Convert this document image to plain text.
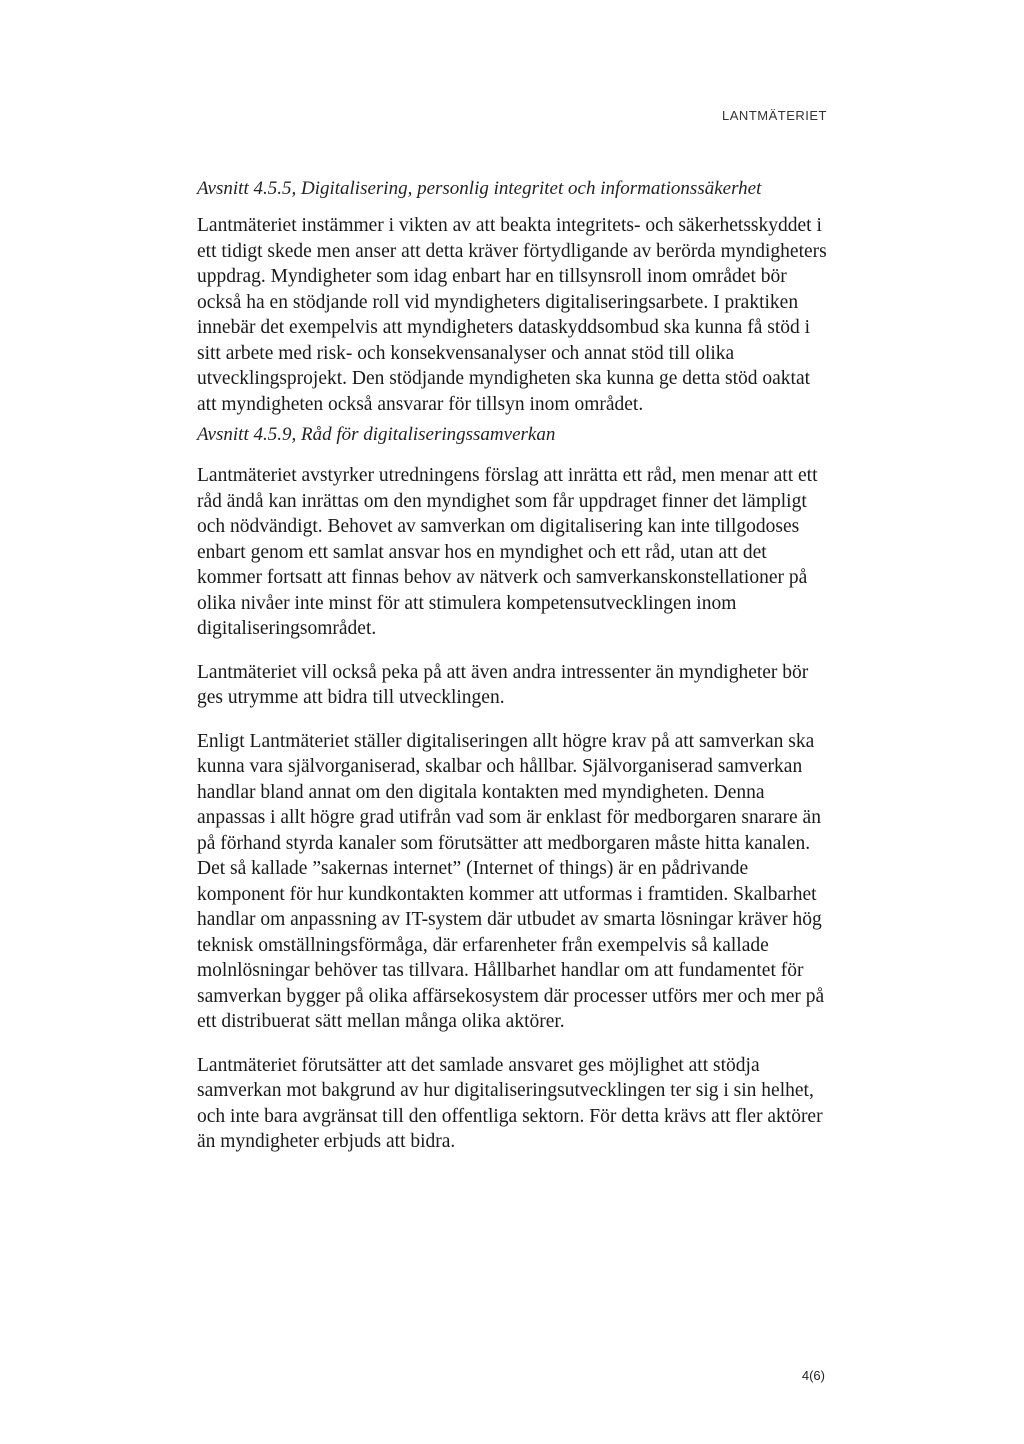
LANTMÄTERIET

Avsnitt 4.5.5, Digitalisering, personlig integritet och informationssäkerhet

Lantmäteriet instämmer i vikten av att beakta integritets- och säkerhetsskyddet i ett tidigt skede men anser att detta kräver förtydligande av berörda myndigheters uppdrag. Myndigheter som idag enbart har en tillsynsroll inom området bör också ha en stödjande roll vid myndigheters digitaliseringsarbete. I praktiken innebär det exempelvis att myndigheters dataskyddsombud ska kunna få stöd i sitt arbete med risk- och konsekvensanalyser och annat stöd till olika utvecklingsprojekt. Den stödjande myndigheten ska kunna ge detta stöd oaktat att myndigheten också ansvarar för tillsyn inom området.

Avsnitt 4.5.9, Råd för digitaliseringssamverkan

Lantmäteriet avstyrker utredningens förslag att inrätta ett råd, men menar att ett råd ändå kan inrättas om den myndighet som får uppdraget finner det lämpligt och nödvändigt. Behovet av samverkan om digitalisering kan inte tillgodoses enbart genom ett samlat ansvar hos en myndighet och ett råd, utan att det kommer fortsatt att finnas behov av nätverk och samverkanskonstellationer på olika nivåer inte minst för att stimulera kompetensutvecklingen inom digitaliseringsområdet.

Lantmäteriet vill också peka på att även andra intressenter än myndigheter bör ges utrymme att bidra till utvecklingen.

Enligt Lantmäteriet ställer digitaliseringen allt högre krav på att samverkan ska kunna vara självorganiserad, skalbar och hållbar. Självorganiserad samverkan handlar bland annat om den digitala kontakten med myndigheten. Denna anpassas i allt högre grad utifrån vad som är enklast för medborgaren snarare än på förhand styrda kanaler som förutsätter att medborgaren måste hitta kanalen. Det så kallade ”sakernas internet” (Internet of things) är en pådrivande komponent för hur kundkontakten kommer att utformas i framtiden. Skalbarhet handlar om anpassning av IT-system där utbudet av smarta lösningar kräver hög teknisk omställningsförmåga, där erfarenheter från exempelvis så kallade molnlösningar behöver tas tillvara. Hållbarhet handlar om att fundamentet för samverkan bygger på olika affärsekosystem där processer utförs mer och mer på ett distribuerat sätt mellan många olika aktörer.

Lantmäteriet förutsätter att det samlade ansvaret ges möjlighet att stödja samverkan mot bakgrund av hur digitaliseringsutvecklingen ter sig i sin helhet, och inte bara avgränsat till den offentliga sektorn. För detta krävs att fler aktörer än myndigheter erbjuds att bidra.

4(6)
